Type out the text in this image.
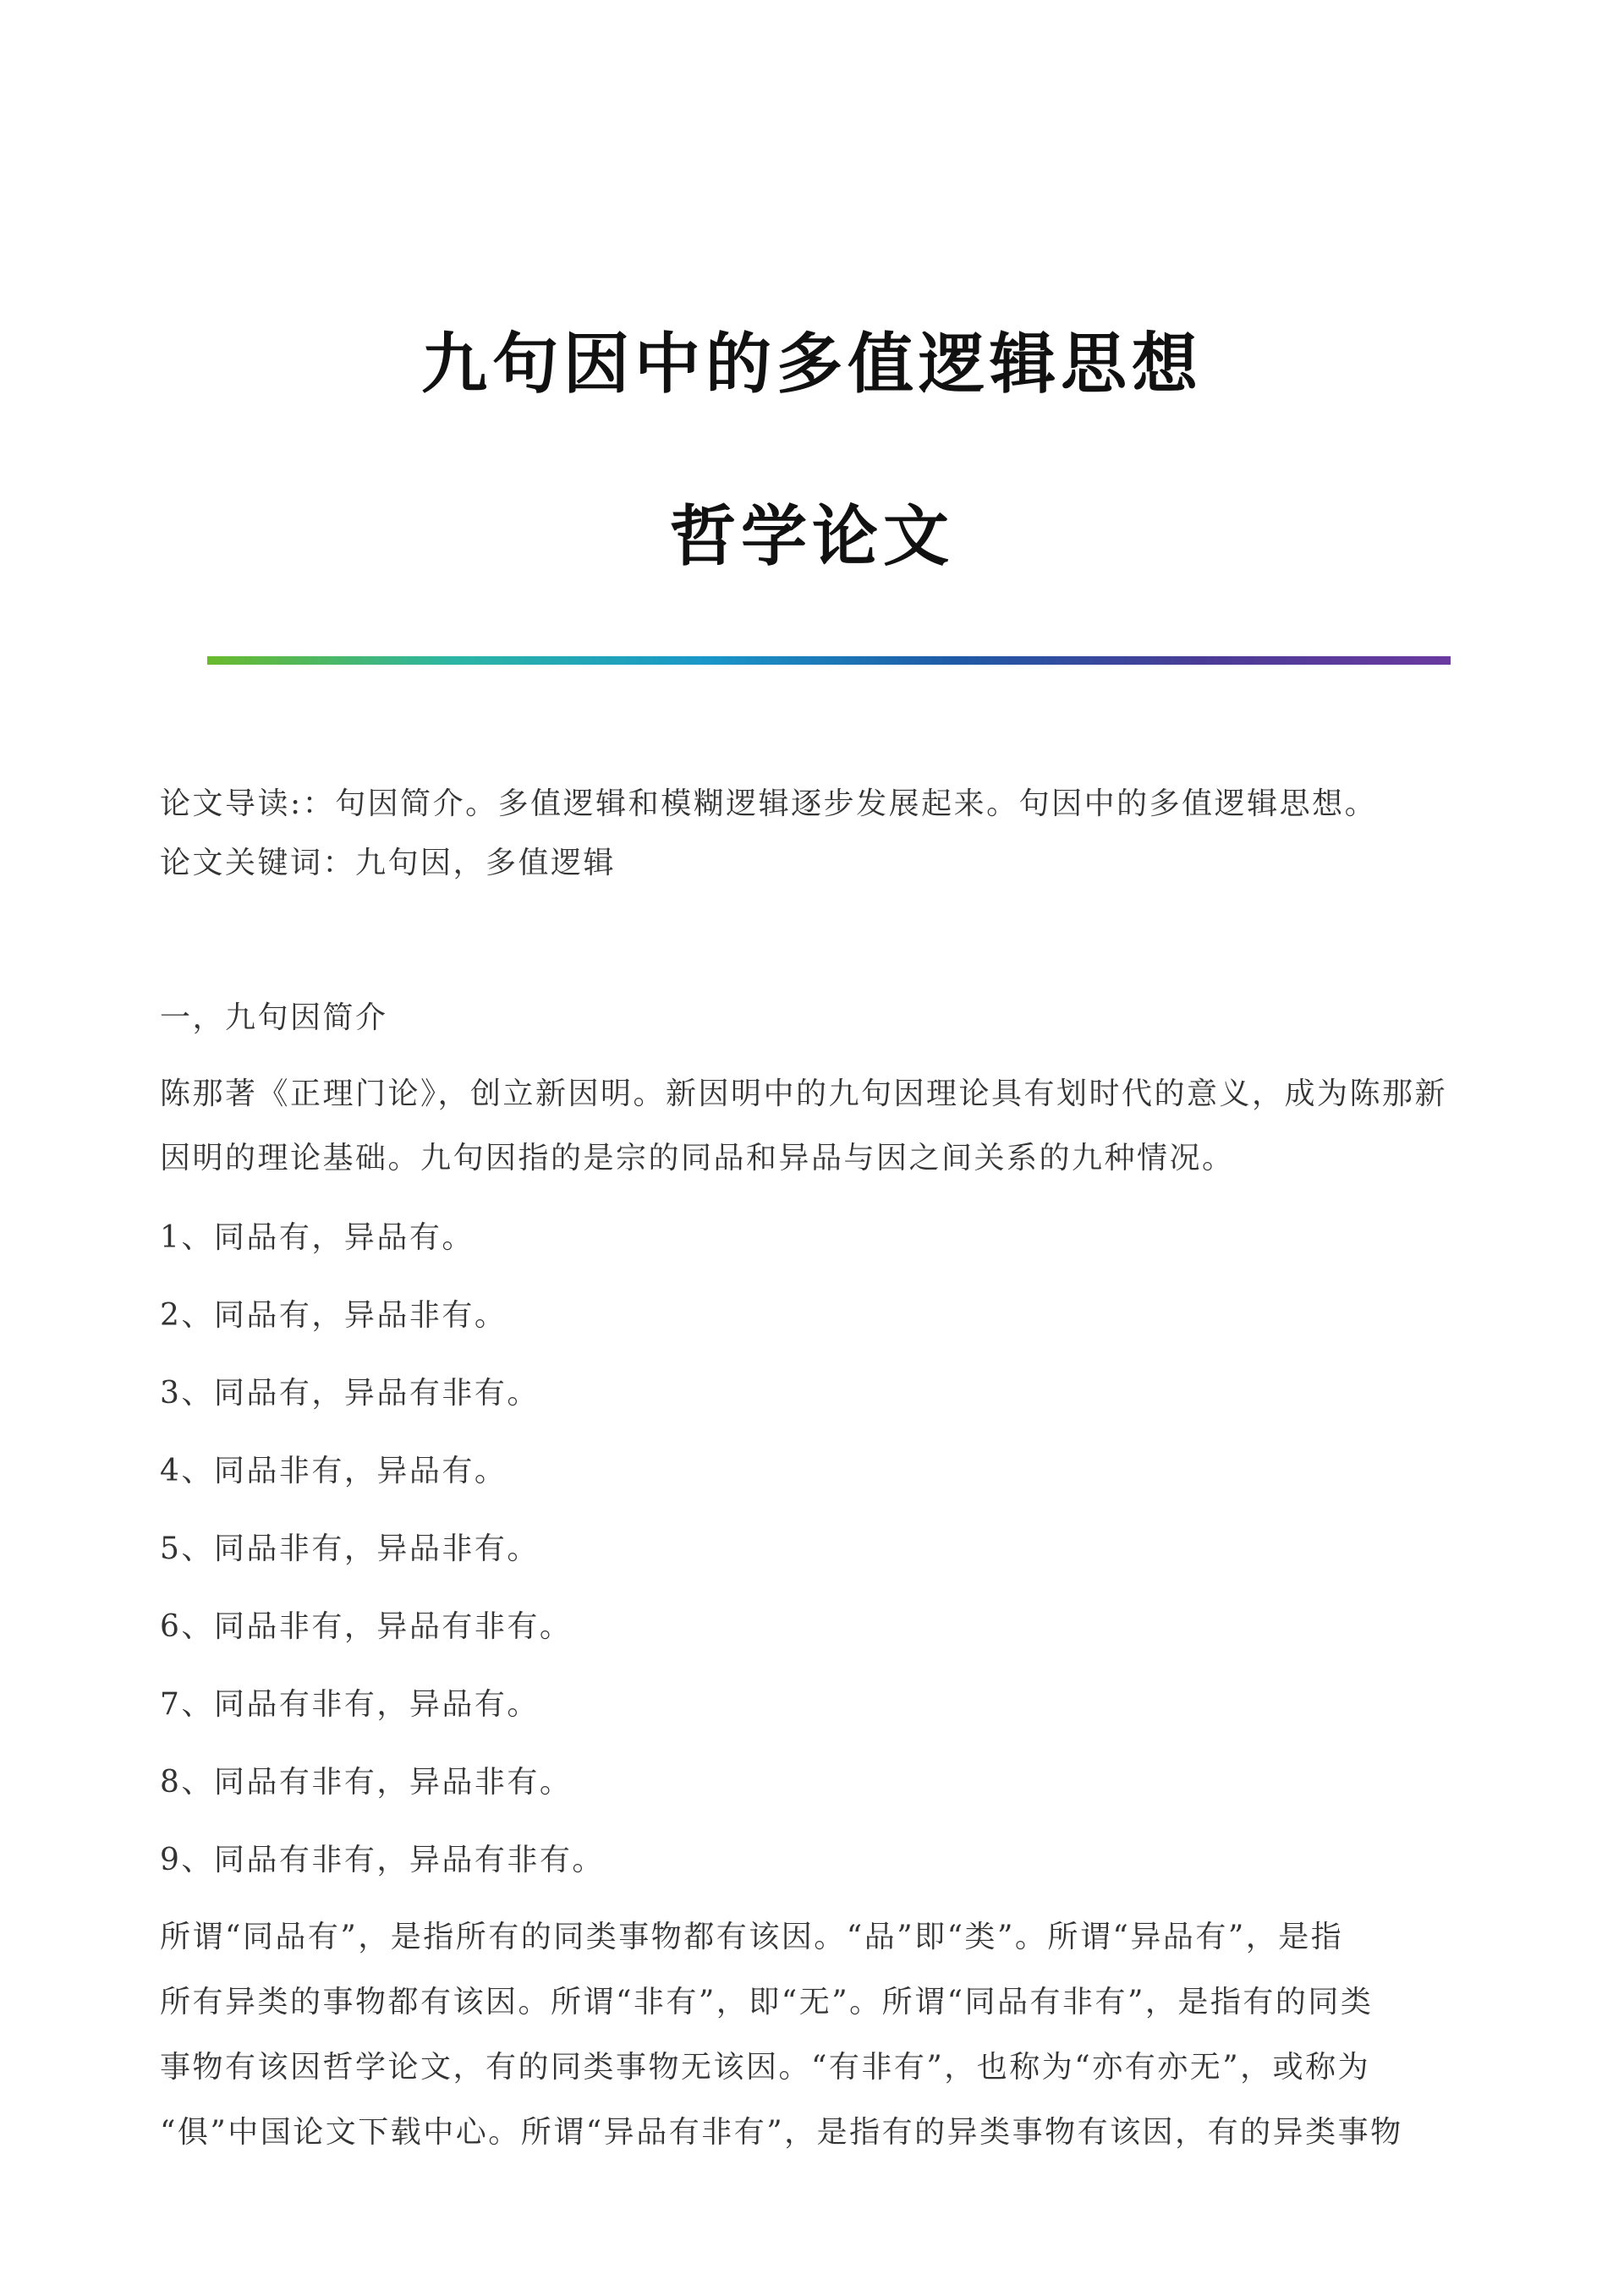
九句因中的多值逻辑思想
哲学论文

论文导读:：句因简介。多值逻辑和模糊逻辑逐步发展起来。句因中的多值逻辑思想。

论文关键词：九句因，多值逻辑

一，九句因简介

陈那著《正理门论》，创立新因明。新因明中的九句因理论具有划时代的意义，成为陈那新

因明的理论基础。九句因指的是宗的同品和异品与因之间关系的九种情况。

1、同品有，异品有。
2、同品有，异品非有。
3、同品有，异品有非有。
4、同品非有，异品有。
5、同品非有，异品非有。
6、同品非有，异品有非有。
7、同品有非有，异品有。
8、同品有非有，异品非有。
9、同品有非有，异品有非有。

所谓“同品有”，是指所有的同类事物都有该因。“品”即“类”。所谓“异品有”，是指

所有异类的事物都有该因。所谓“非有”，即“无”。所谓“同品有非有”，是指有的同类

事物有该因哲学论文，有的同类事物无该因。“有非有”，也称为“亦有亦无”，或称为

“俱”中国论文下载中心。所谓“异品有非有”，是指有的异类事物有该因，有的异类事物
